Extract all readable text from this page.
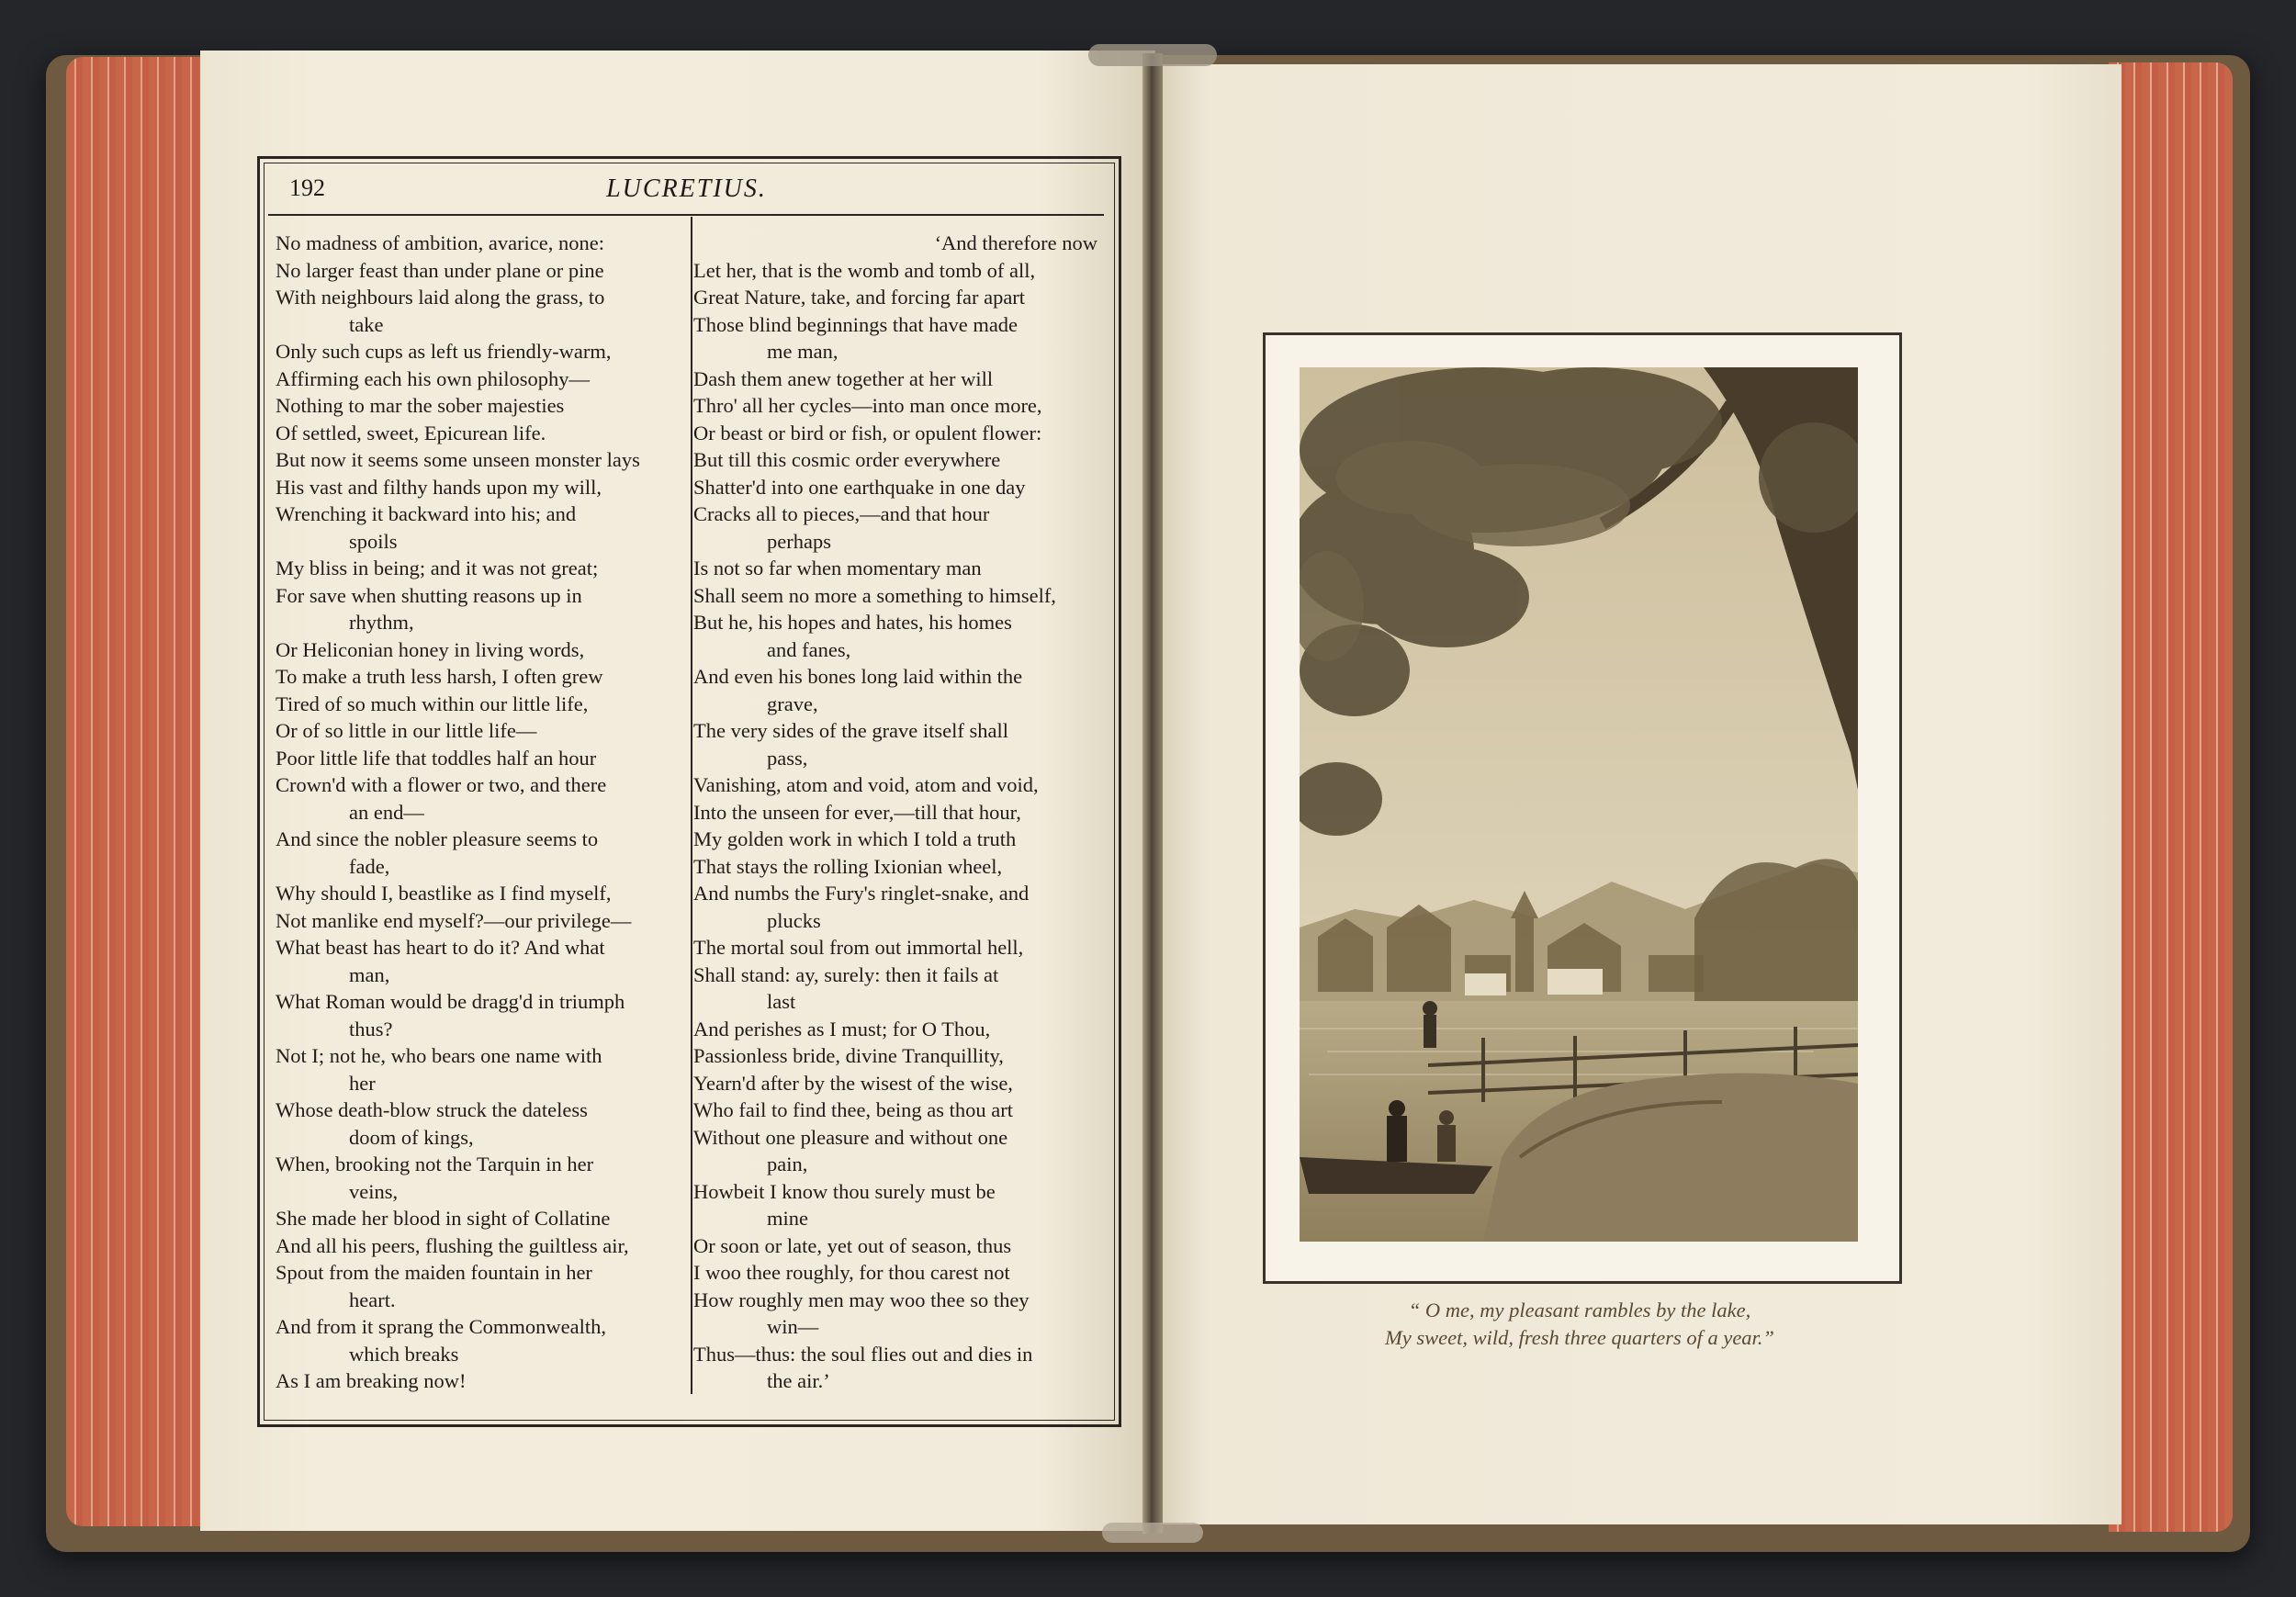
192	LUCRETIUS.
No madness of ambition, avarice, none:
No larger feast than under plane or pine
With neighbours laid along the grass, to
take
Only such cups as left us friendly-warm,
Affirming each his own philosophy—
Nothing to mar the sober majesties
Of settled, sweet, Epicurean life.
But now it seems some unseen monster lays
His vast and filthy hands upon my will,
Wrenching it backward into his; and
spoils
My bliss in being; and it was not great;
For save when shutting reasons up in
rhythm,
Or Heliconian honey in living words,
To make a truth less harsh, I often grew
Tired of so much within our little life,
Or of so little in our little life—
Poor little life that toddles half an hour
Crown'd with a flower or two, and there
an end—
And since the nobler pleasure seems to
fade,
Why should I, beastlike as I find myself,
Not manlike end myself?—our privilege—
What beast has heart to do it? And what
man,
What Roman would be dragg'd in triumph
thus?
Not I; not he, who bears one name with
her
Whose death-blow struck the dateless
doom of kings,
When, brooking not the Tarquin in her
veins,
She made her blood in sight of Collatine
And all his peers, flushing the guiltless air,
Spout from the maiden fountain in her
heart.
And from it sprang the Commonwealth,
which breaks
As I am breaking now!
‘And therefore now
Let her, that is the womb and tomb of all,
Great Nature, take, and forcing far apart
Those blind beginnings that have made
me man,
Dash them anew together at her will
Thro' all her cycles—into man once more,
Or beast or bird or fish, or opulent flower:
But till this cosmic order everywhere
Shatter'd into one earthquake in one day
Cracks all to pieces,—and that hour
perhaps
Is not so far when momentary man
Shall seem no more a something to himself,
But he, his hopes and hates, his homes
and fanes,
And even his bones long laid within the
grave,
The very sides of the grave itself shall
pass,
Vanishing, atom and void, atom and void,
Into the unseen for ever,—till that hour,
My golden work in which I told a truth
That stays the rolling Ixionian wheel,
And numbs the Fury's ringlet-snake, and
plucks
The mortal soul from out immortal hell,
Shall stand: ay, surely: then it fails at
last
And perishes as I must; for O Thou,
Passionless bride, divine Tranquillity,
Yearn'd after by the wisest of the wise,
Who fail to find thee, being as thou art
Without one pleasure and without one
pain,
Howbeit I know thou surely must be
mine
Or soon or late, yet out of season, thus
I woo thee roughly, for thou carest not
How roughly men may woo thee so they
win—
Thus—thus: the soul flies out and dies in
the air.’
“ O me, my pleasant rambles by the lake,
My sweet, wild, fresh three quarters of a year.”
